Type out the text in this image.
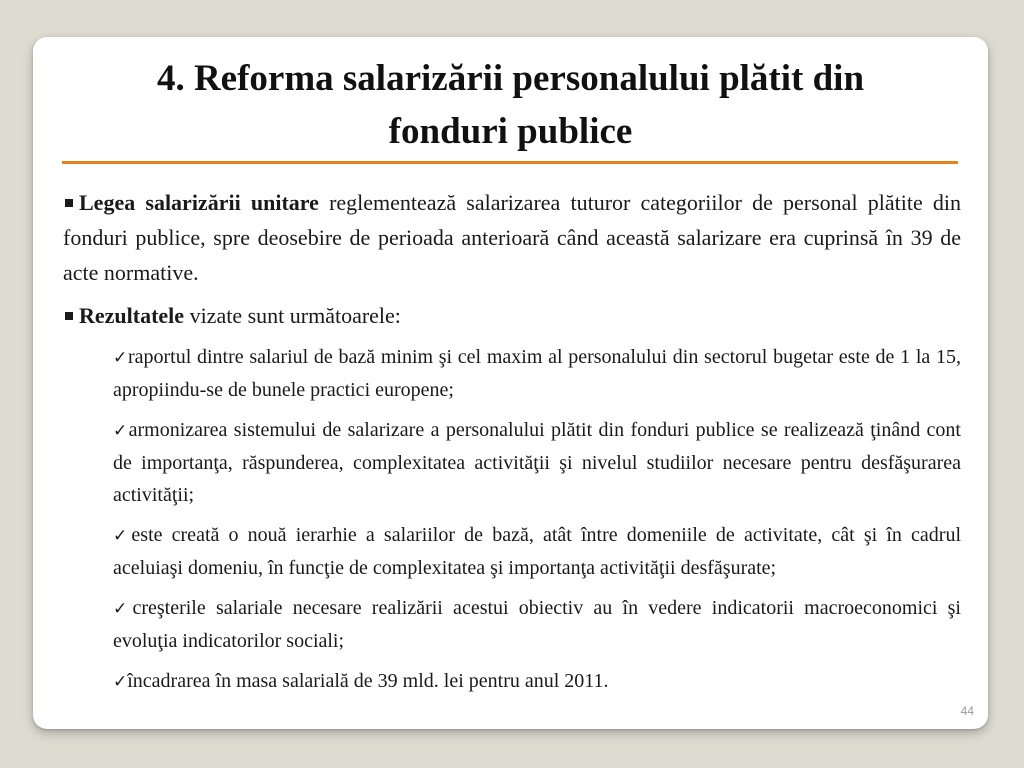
4. Reforma salarizării personalului plătit din
fonduri publice

Legea salarizării unitare reglementează salarizarea tuturor categoriilor de personal plătite din fonduri publice, spre deosebire de perioada anterioară când această salarizare era cuprinsă în 39 de acte normative.

Rezultatele vizate sunt următoarele:

✓raportul dintre salariul de bază minim şi cel maxim al personalului din sectorul bugetar este de 1 la 15, apropiindu-se de bunele practici europene;
✓armonizarea sistemului de salarizare a personalului plătit din fonduri publice se realizează ţinând cont de importanţa, răspunderea, complexitatea activităţii şi nivelul studiilor necesare pentru desfăşurarea activităţii;
✓este creată o nouă ierarhie a salariilor de bază, atât între domeniile de activitate, cât şi în cadrul aceluiaşi domeniu, în funcţie de complexitatea şi importanţa activităţii desfăşurate;
✓creşterile salariale necesare realizării acestui obiectiv au în vedere indicatorii macroeconomici şi evoluţia indicatorilor sociali;
✓încadrarea în masa salarială de 39 mld. lei pentru anul 2011.
44
